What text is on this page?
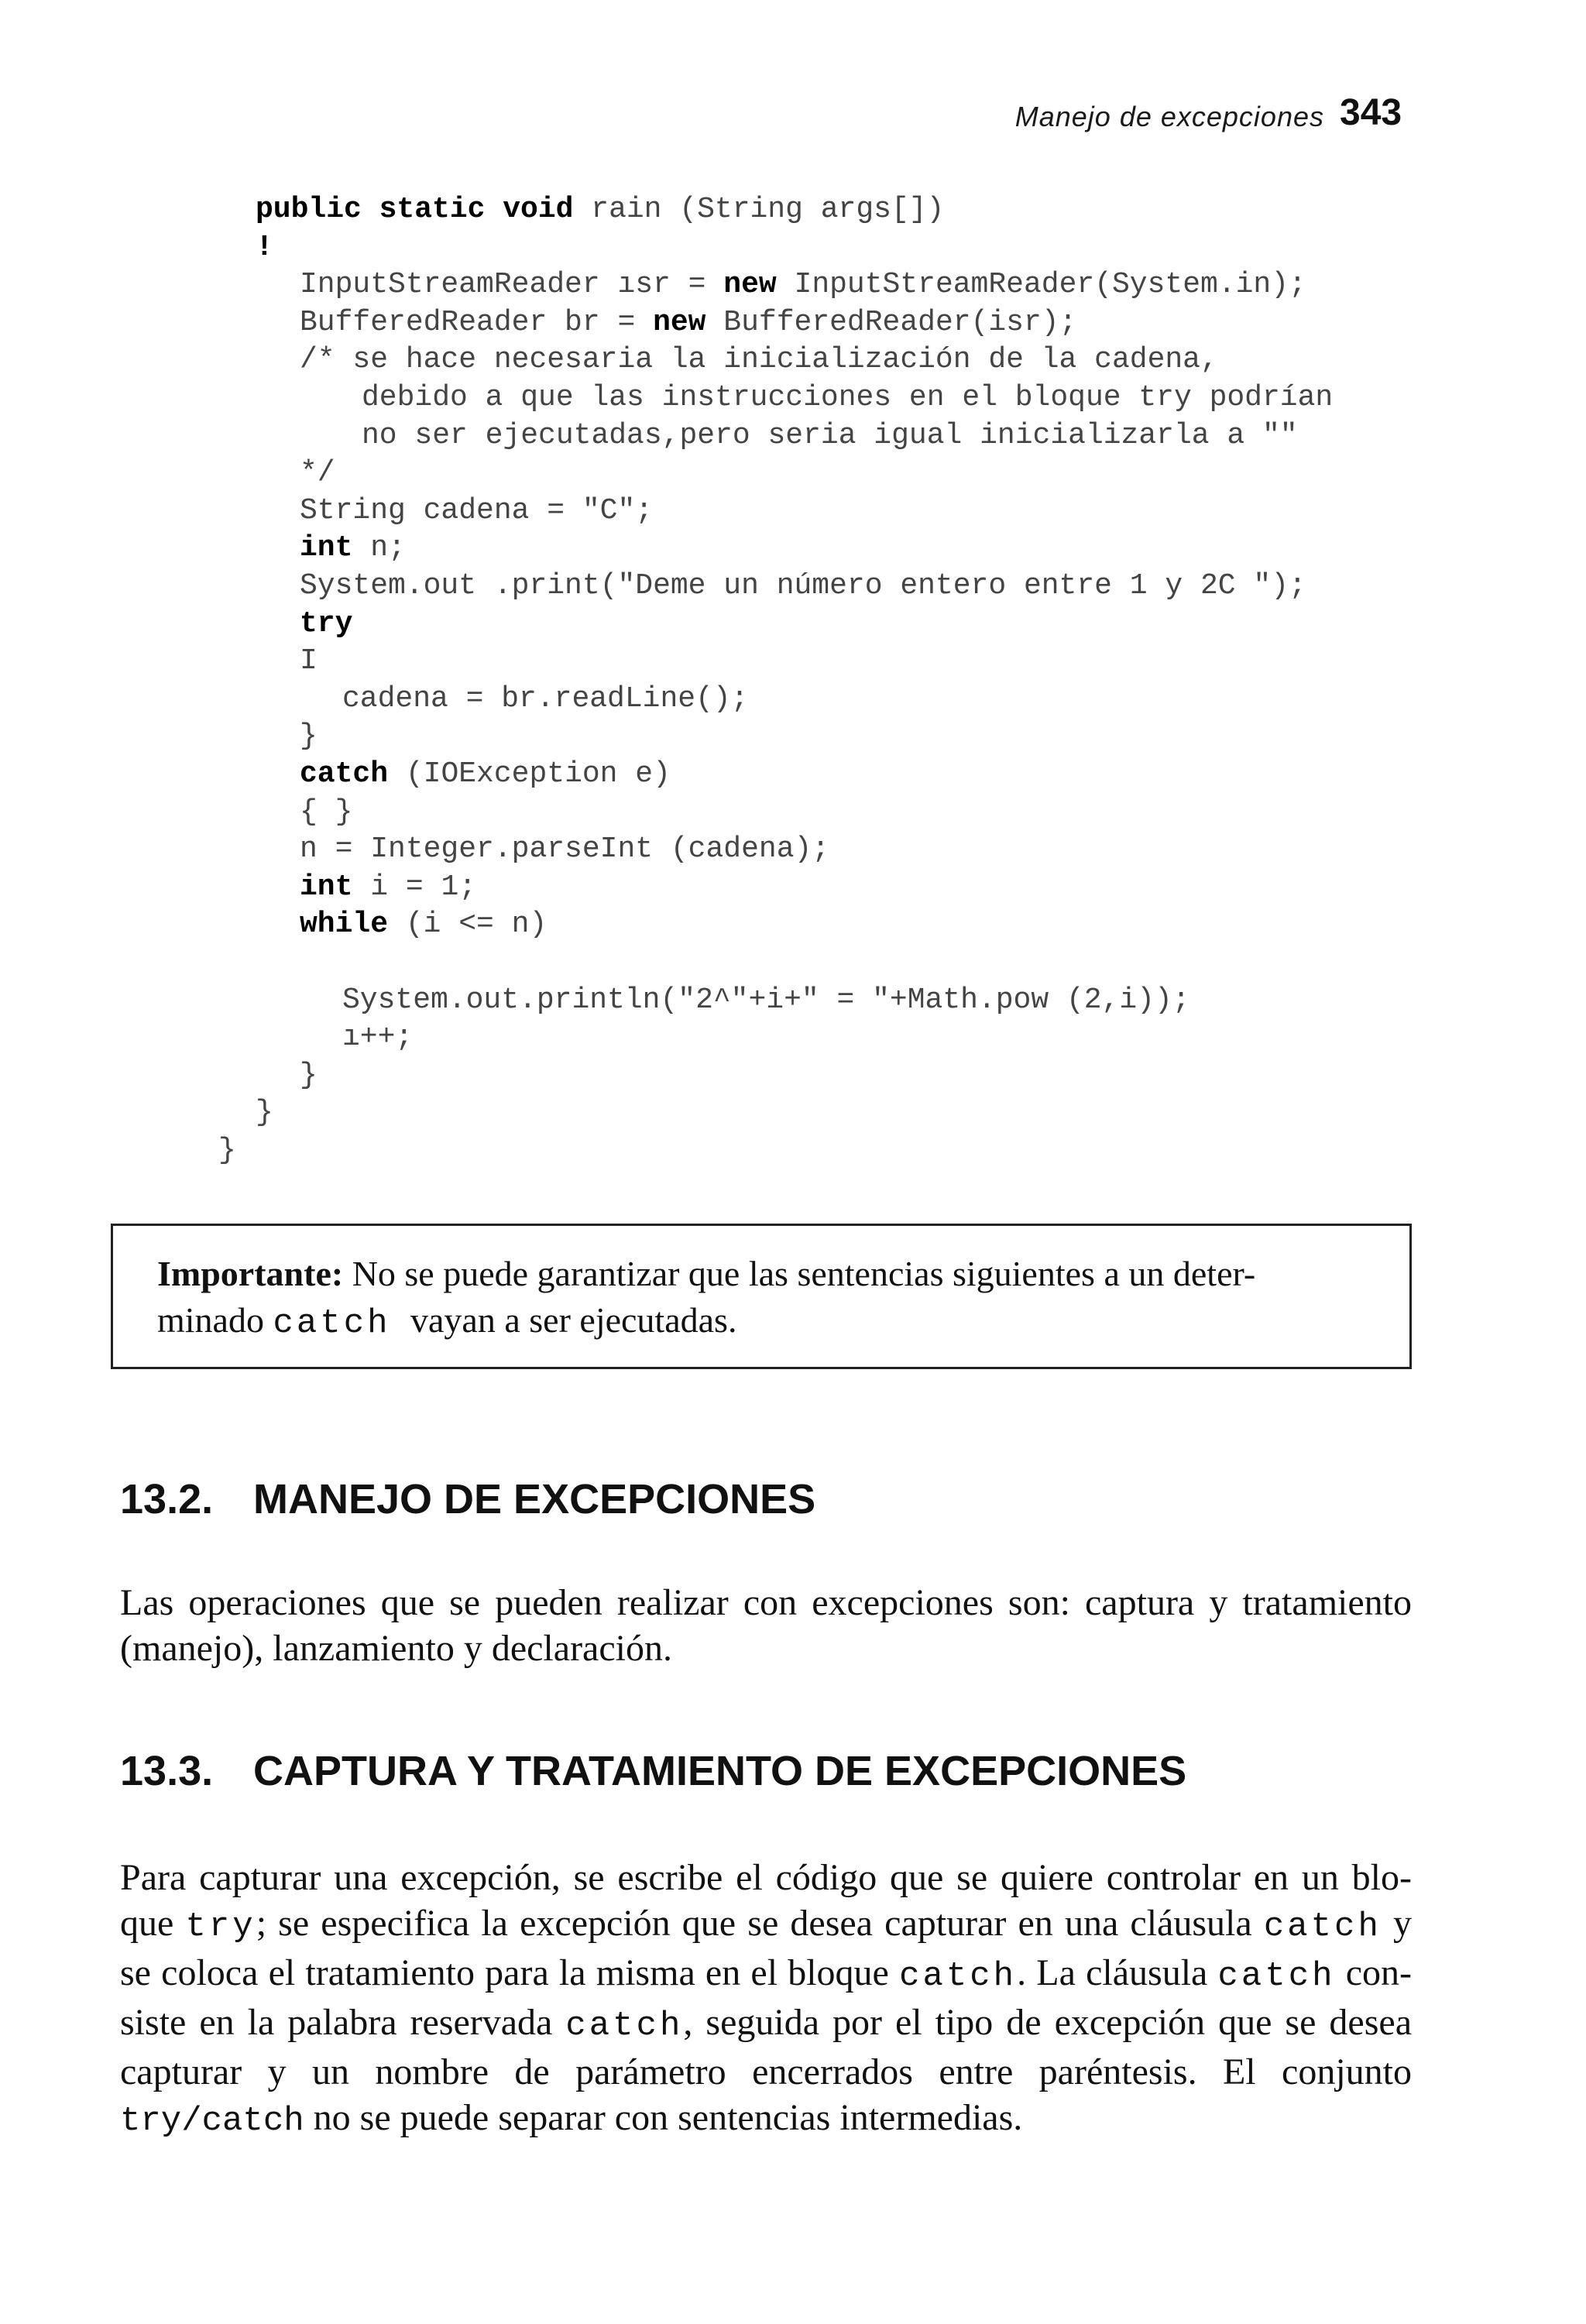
Manejo de excepciones 343
public static void rain (String args[])
!
InputStreamReader ısr = new InputStreamReader(System.in);
BufferedReader br = new BufferedReader(isr);
/* se hace necesaria la inicialización de la cadena,
debido a que las instrucciones en el bloque try podrían
no ser ejecutadas,pero seria igual inicializarla a ""
*/
String cadena = "C";
int n;
System.out .print("Deme un número entero entre 1 y 2C ");
try
I
cadena = br.readLine();
}
catch (IOException e)
{ }
n = Integer.parseInt (cadena);
int i = 1;
while (i <= n)
System.out.println("2^"+i+" = "+Math.pow (2,i));
ı++;
}
}
}
Importante: No se puede garantizar que las sentencias siguientes a un deter-
minado catch vayan a ser ejecutadas.
13.2. MANEJO DE EXCEPCIONES
Las operaciones que se pueden realizar con excepciones son: captura y tratamiento
(manejo), lanzamiento y declaración.
13.3. CAPTURA Y TRATAMIENTO DE EXCEPCIONES
Para capturar una excepción, se escribe el código que se quiere controlar en un blo-
que try; se especifica la excepción que se desea capturar en una cláusula catch y
se coloca el tratamiento para la misma en el bloque catch. La cláusula catch con-
siste en la palabra reservada catch, seguida por el tipo de excepción que se desea
capturar y un nombre de parámetro encerrados entre paréntesis. El conjunto
try/catch no se puede separar con sentencias intermedias.
